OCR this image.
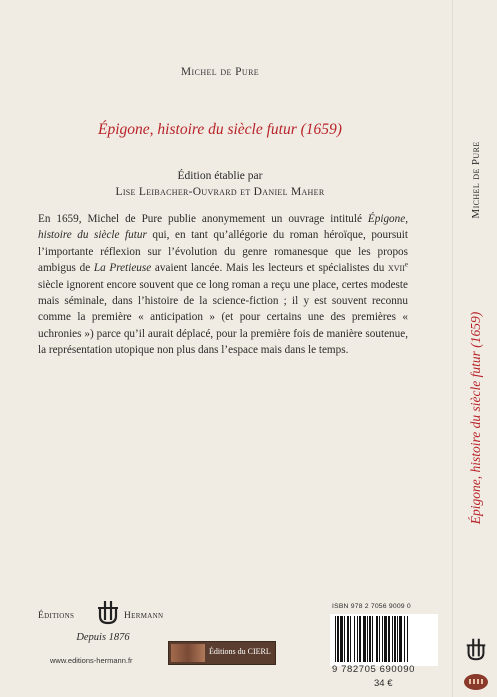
Michel de Pure
Épigone, histoire du siècle futur (1659)
Édition établie par
Lise Leibacher-Ouvrard et Daniel Maher
En 1659, Michel de Pure publie anonymement un ouvrage intitulé Épigone, histoire du siècle futur qui, en tant qu’allégorie du roman héroïque, poursuit l’importante réflexion sur l’évolution du genre romanesque que les propos ambigus de La Pretieuse avaient lancée. Mais les lecteurs et spécialistes du xvii$^e$ siècle ignorent encore souvent que ce long roman a reçu une place, certes modeste mais séminale, dans l’histoire de la science-fiction ; il y est souvent reconnu comme la première « anticipation » (et pour certains une des premières « uchronies ») parce qu’il aurait déplacé, pour la première fois de manière soutenue, la représentation utopique non plus dans l’espace mais dans le temps.
Éditions	Hermann
Depuis 1876
www.editions-hermann.fr
Éditions du CIERL
ISBN 978 2 7056 9009 0
9 782705 690090
34 €
Michel de Pure
Épigone, histoire du siècle futur (1659)
